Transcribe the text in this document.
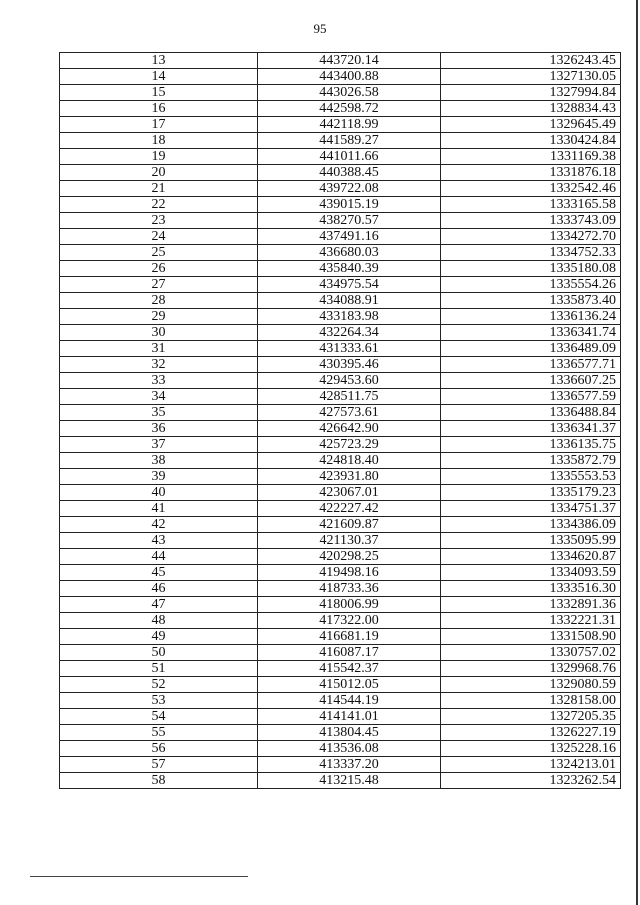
95
13	443720.14	1326243.45
14	443400.88	1327130.05
15	443026.58	1327994.84
16	442598.72	1328834.43
17	442118.99	1329645.49
18	441589.27	1330424.84
19	441011.66	1331169.38
20	440388.45	1331876.18
21	439722.08	1332542.46
22	439015.19	1333165.58
23	438270.57	1333743.09
24	437491.16	1334272.70
25	436680.03	1334752.33
26	435840.39	1335180.08
27	434975.54	1335554.26
28	434088.91	1335873.40
29	433183.98	1336136.24
30	432264.34	1336341.74
31	431333.61	1336489.09
32	430395.46	1336577.71
33	429453.60	1336607.25
34	428511.75	1336577.59
35	427573.61	1336488.84
36	426642.90	1336341.37
37	425723.29	1336135.75
38	424818.40	1335872.79
39	423931.80	1335553.53
40	423067.01	1335179.23
41	422227.42	1334751.37
42	421609.87	1334386.09
43	421130.37	1335095.99
44	420298.25	1334620.87
45	419498.16	1334093.59
46	418733.36	1333516.30
47	418006.99	1332891.36
48	417322.00	1332221.31
49	416681.19	1331508.90
50	416087.17	1330757.02
51	415542.37	1329968.76
52	415012.05	1329080.59
53	414544.19	1328158.00
54	414141.01	1327205.35
55	413804.45	1326227.19
56	413536.08	1325228.16
57	413337.20	1324213.01
58	413215.48	1323262.54
